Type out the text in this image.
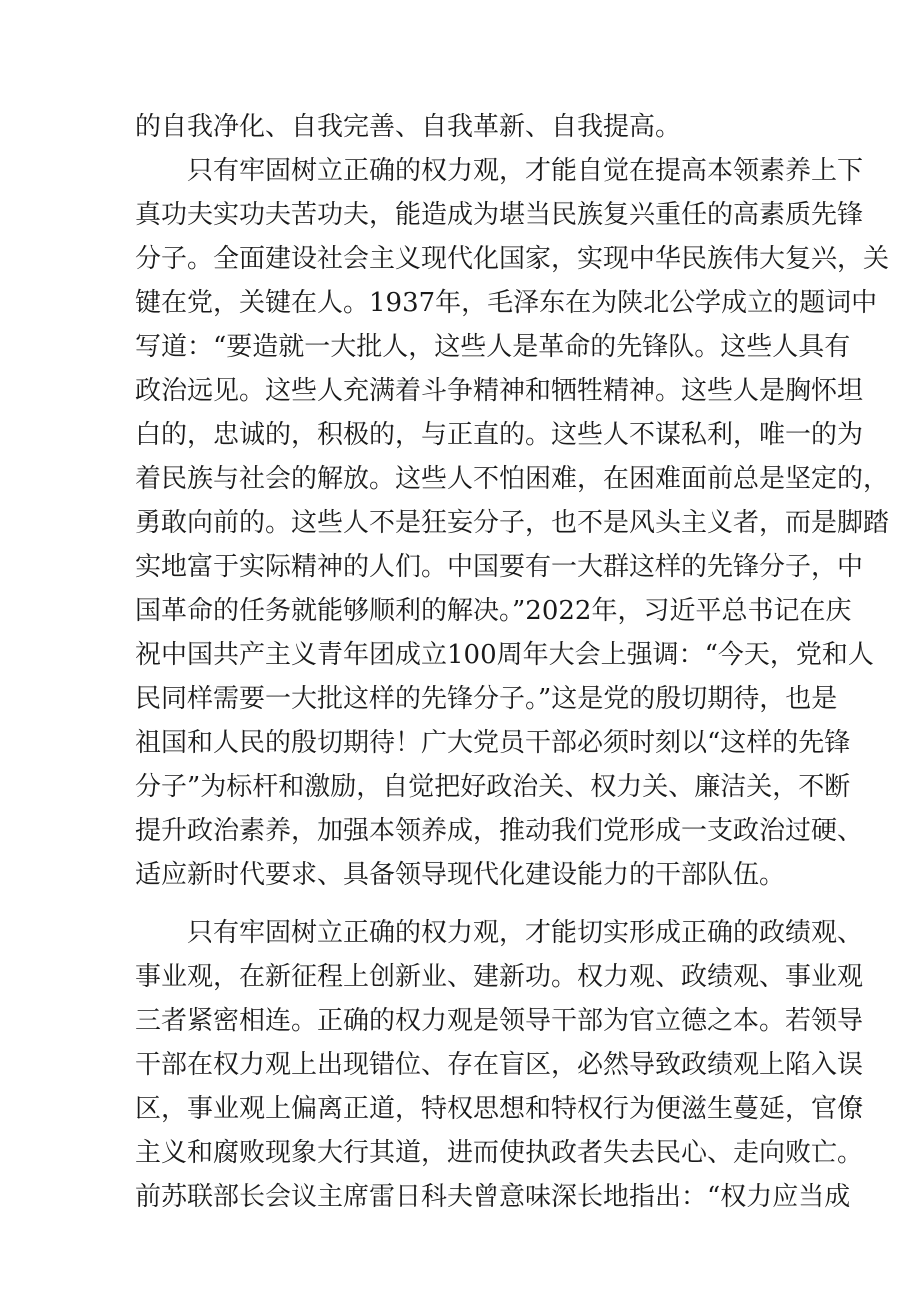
的自我净化、自我完善、自我革新、自我提高。
只有牢固树立正确的权力观，才能自觉在提高本领素养上下
真功夫实功夫苦功夫，能造成为堪当民族复兴重任的高素质先锋
分子。全面建设社会主义现代化国家，实现中华民族伟大复兴，关
键在党，关键在人。1937年，毛泽东在为陕北公学成立的题词中
写道：“要造就一大批人，这些人是革命的先锋队。这些人具有
政治远见。这些人充满着斗争精神和牺牲精神。这些人是胸怀坦
白的，忠诚的，积极的，与正直的。这些人不谋私利，唯一的为
着民族与社会的解放。这些人不怕困难，在困难面前总是坚定的，
勇敢向前的。这些人不是狂妄分子，也不是风头主义者，而是脚踏
实地富于实际精神的人们。中国要有一大群这样的先锋分子，中
国革命的任务就能够顺利的解决。”2022年，习近平总书记在庆
祝中国共产主义青年团成立100周年大会上强调：“今天，党和人
民同样需要一大批这样的先锋分子。”这是党的殷切期待，也是
祖国和人民的殷切期待！广大党员干部必须时刻以“这样的先锋
分子”为标杆和激励，自觉把好政治关、权力关、廉洁关，不断
提升政治素养，加强本领养成，推动我们党形成一支政治过硬、
适应新时代要求、具备领导现代化建设能力的干部队伍。
只有牢固树立正确的权力观，才能切实形成正确的政绩观、
事业观，在新征程上创新业、建新功。权力观、政绩观、事业观
三者紧密相连。正确的权力观是领导干部为官立德之本。若领导
干部在权力观上出现错位、存在盲区，必然导致政绩观上陷入误
区，事业观上偏离正道，特权思想和特权行为便滋生蔓延，官僚
主义和腐败现象大行其道，进而使执政者失去民心、走向败亡。
前苏联部长会议主席雷日科夫曾意味深长地指出：“权力应当成
